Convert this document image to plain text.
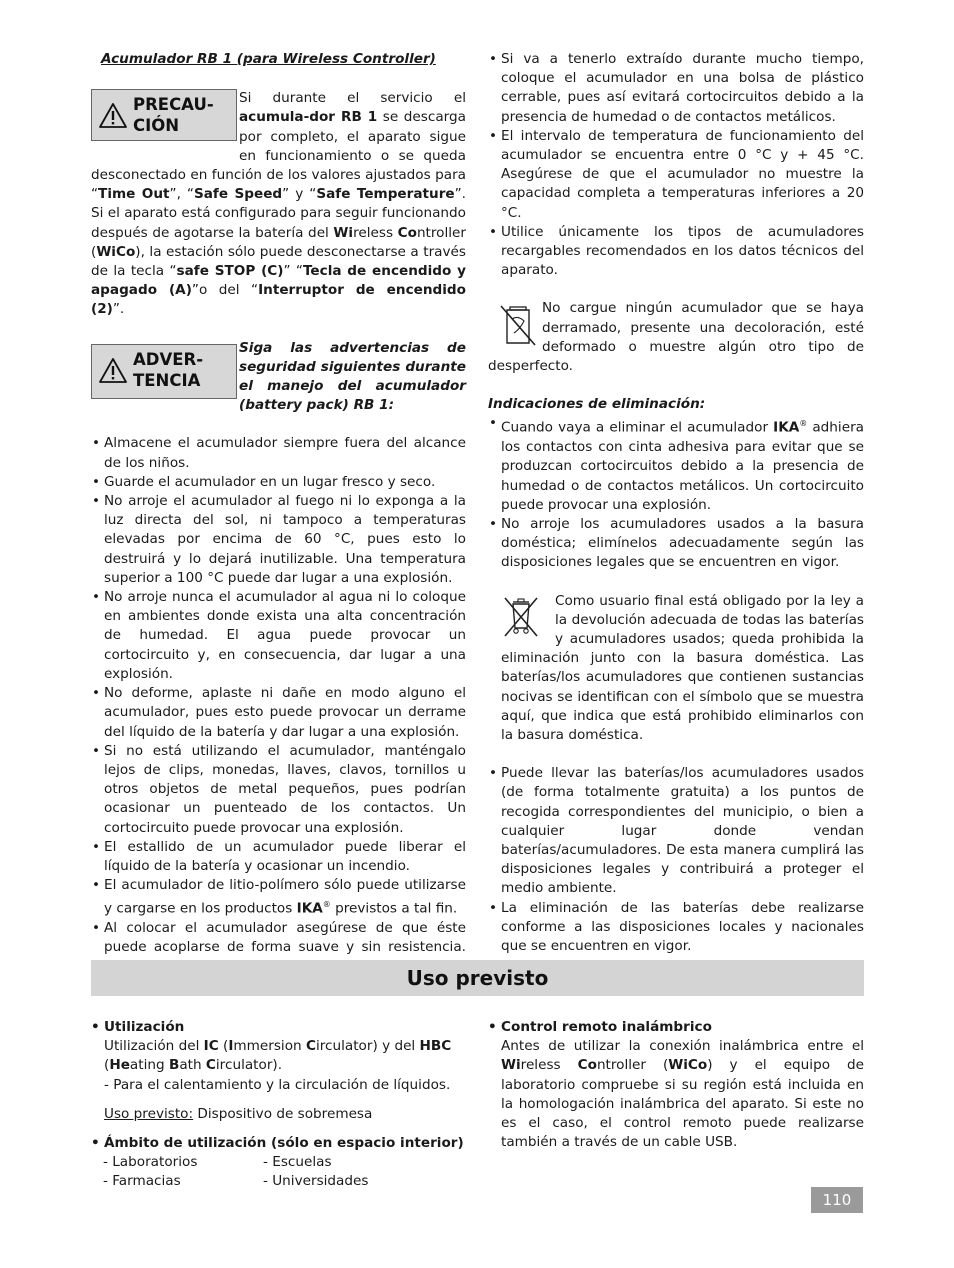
Acumulador RB 1 (para Wireless Controller)

PRECAU-
CIÓN
Si durante el servicio el acumula-dor RB 1 se descarga por completo, el aparato sigue en funcionamiento o se queda desconectado en función de los valores ajustados para “Time Out”, “Safe Speed” y “Safe Temperature”. Si el aparato está configurado para seguir funcionando después de agotarse la batería del Wireless Controller (WiCo), la estación sólo puede desconectarse a través de la tecla “safe STOP (C)” “Tecla de encendido y apagado (A)”o del “Interruptor de encendido (2)”.
ADVER-
TENCIA
Siga las advertencias de seguridad siguientes durante el manejo del acumulador (battery pack) RB 1:
• Almacene el acumulador siempre fuera del alcance de los niños.
• Guarde el acumulador en un lugar fresco y seco.
• No arroje el acumulador al fuego ni lo exponga a la luz directa del sol, ni tampoco a temperaturas elevadas por encima de 60 °C, pues esto lo destruirá y lo dejará inutilizable. Una temperatura superior a 100 °C puede dar lugar a una explosión.
• No arroje nunca el acumulador al agua ni lo coloque en ambientes donde exista una alta concentración de humedad. El agua puede provocar un cortocircuito y, en consecuencia, dar lugar a una explosión.
• No deforme, aplaste ni dañe en modo alguno el acumulador, pues esto puede provocar un derrame del líquido de la batería y dar lugar a una explosión.
• Si no está utilizando el acumulador, manténgalo lejos de clips, monedas, llaves, clavos, tornillos u otros objetos de metal pequeños, pues podrían ocasionar un puenteado de los contactos. Un cortocircuito puede provocar una explosión.
• El estallido de un acumulador puede liberar el líquido de la batería y ocasionar un incendio.
• El acumulador de litio-polímero sólo puede utilizarse y cargarse en los productos IKA® previstos a tal fin.
• Al colocar el acumulador asegúrese de que éste puede acoplarse de forma suave y sin resistencia.
• Si va a tenerlo extraído durante mucho tiempo, coloque el acumulador en una bolsa de plástico cerrable, pues así evitará cortocircuitos debido a la presencia de humedad o de contactos metálicos.
• El intervalo de temperatura de funcionamiento del acumulador se encuentra entre 0 °C y + 45 °C. Asegúrese de que el acumulador no muestre la capacidad completa a temperaturas inferiores a 20 °C.
• Utilice únicamente los tipos de acumuladores recargables recomendados en los datos técnicos del aparato.
No cargue ningún acumulador que se haya derramado, presente una decoloración, esté deformado o muestre algún otro tipo de desperfecto.

Indicaciones de eliminación:

• Cuando vaya a eliminar el acumulador IKA® adhiera los contactos con cinta adhesiva para evitar que se produzcan cortocircuitos debido a la presencia de humedad o de contactos metálicos. Un cortocircuito puede provocar una explosión.
• No arroje los acumuladores usados a la basura doméstica; elimínelos adecuadamente según las disposiciones legales que se encuentren en vigor.
Como usuario final está obligado por la ley a la devolución adecuada de todas las baterías y acumuladores usados; queda prohibida la eliminación junto con la basura doméstica. Las baterías/los acumuladores que contienen sustancias nocivas se identifican con el símbolo que se muestra aquí, que indica que está prohibido eliminarlos con la basura doméstica.
• Puede llevar las baterías/los acumuladores usados (de forma totalmente gratuita) a los puntos de recogida correspondientes del municipio, o bien a cualquier lugar donde vendan baterías/acumuladores. De esta manera cumplirá las disposiciones legales y contribuirá a proteger el medio ambiente.
• La eliminación de las baterías debe realizarse conforme a las disposiciones locales y nacionales que se encuentren en vigor.
Uso previsto
• Utilización
Utilización del IC (Immersion Circulator) y del HBC (Heating Bath Circulator).
- Para el calentamiento y la circulación de líquidos.
Uso previsto: Dispositivo de sobremesa
• Ámbito de utilización (sólo en espacio interior)
- Laboratorios	- Escuelas
- Farmacias	- Universidades
• Control remoto inalámbrico
Antes de utilizar la conexión inalámbrica entre el Wireless Controller (WiCo) y el equipo de laboratorio compruebe si su región está incluida en la homologación inalámbrica del aparato. Si este no es el caso, el control remoto puede realizarse también a través de un cable USB.
110
